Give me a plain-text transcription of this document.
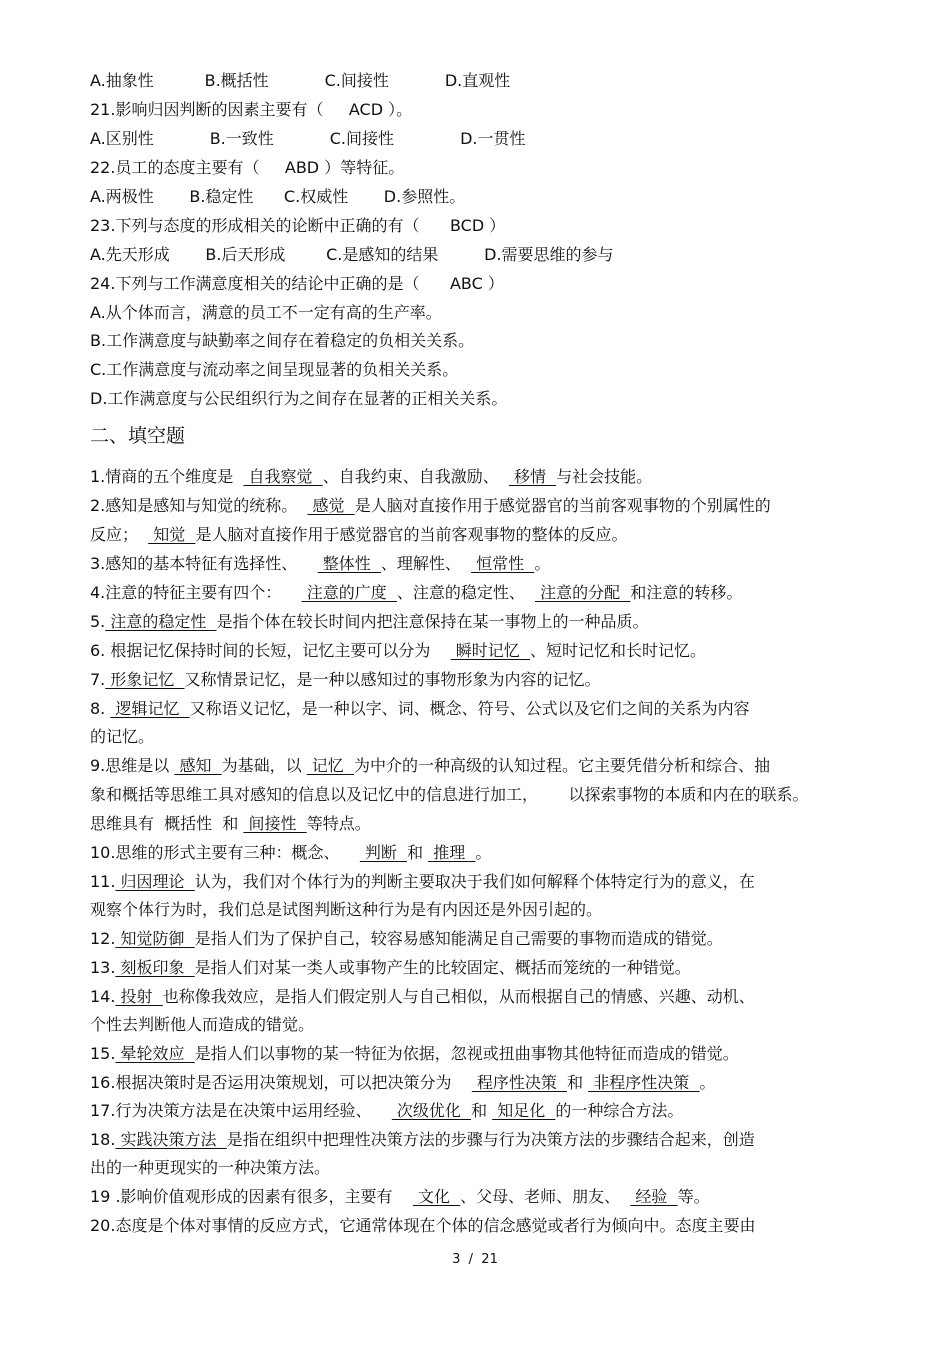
A.抽象性          B.概括性           C.间接性           D.直观性
21.影响归因判断的因素主要有（     ACD ）。
A.区别性           B.一致性           C.间接性             D.一贯性
22.员工的态度主要有（     ABD ）等特征。
A.两极性       B.稳定性      C.权威性       D.参照性。
23.下列与态度的形成相关的论断中正确的有（      BCD ）
A.先天形成       B.后天形成        C.是感知的结果         D.需要思维的参与
24.下列与工作满意度相关的结论中正确的是（      ABC ）
A.从个体而言，满意的员工不一定有高的生产率。
B.工作满意度与缺勤率之间存在着稳定的负相关关系。
C.工作满意度与流动率之间呈现显著的负相关关系。
D.工作满意度与公民组织行为之间存在显著的正相关关系。
二、填空题
1.情商的五个维度是   自我察觉  、自我约束、自我激励、   移情  与社会技能。
2.感知是感知与知觉的统称。   感觉  是人脑对直接作用于感觉器官的当前客观事物的个别属性的
反应；   知觉  是人脑对直接作用于感觉器官的当前客观事物的整体的反应。
3.感知的基本特征有选择性、     整体性  、理解性、   恒常性  。
4.注意的特征主要有四个：     注意的广度  、注意的稳定性、   注意的分配  和注意的转移。
5. 注意的稳定性  是指个体在较长时间内把注意保持在某一事物上的一种品质。
6. 根据记忆保持时间的长短，记忆主要可以分为     瞬时记忆  、短时记忆和长时记忆。
7. 形象记忆  又称情景记忆，是一种以感知过的事物形象为内容的记忆。
8.  逻辑记忆  又称语义记忆，是一种以字、词、概念、符号、公式以及它们之间的关系为内容
的记忆。
9.思维是以  感知  为基础，以  记忆  为中介的一种高级的认知过程。它主要凭借分析和综合、抽
象和概括等思维工具对感知的信息以及记忆中的信息进行加工，      以探索事物的本质和内在的联系。
思维具有  概括性  和  间接性  等特点。
10.思维的形式主要有三种：概念、     判断  和  推理  。
11. 归因理论  认为，我们对个体行为的判断主要取决于我们如何解释个体特定行为的意义，在
观察个体行为时，我们总是试图判断这种行为是有内因还是外因引起的。
12. 知觉防御  是指人们为了保护自己，较容易感知能满足自己需要的事物而造成的错觉。
13. 刻板印象  是指人们对某一类人或事物产生的比较固定、概括而笼统的一种错觉。
14. 投射  也称像我效应，是指人们假定别人与自己相似，从而根据自己的情感、兴趣、动机、
个性去判断他人而造成的错觉。
15. 晕轮效应  是指人们以事物的某一特征为依据，忽视或扭曲事物其他特征而造成的错觉。
16.根据决策时是否运用决策规划，可以把决策分为     程序性决策  和  非程序性决策  。
17.行为决策方法是在决策中运用经验、     次级优化  和  知足化  的一种综合方法。
18. 实践决策方法  是指在组织中把理性决策方法的步骤与行为决策方法的步骤结合起来，创造
出的一种更现实的一种决策方法。
19 .影响价值观形成的因素有很多，主要有     文化  、父母、老师、朋友、   经验  等。
20.态度是个体对事情的反应方式，它通常体现在个体的信念感觉或者行为倾向中。态度主要由
3  /  21
